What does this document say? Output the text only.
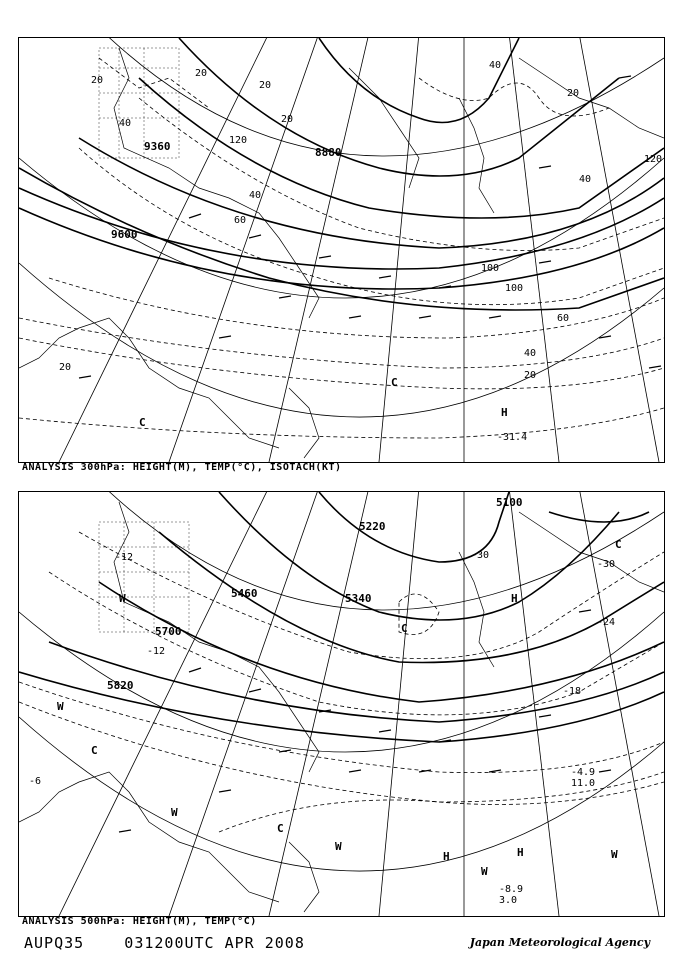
9360
9600
8880
20
20
40
20
40
40
40
60
100
100
60
40
20
20
120
120
20
20
C
C
H
-31.4
ANALYSIS 300hPa: HEIGHT(M), TEMP(°C), ISOTACH(KT)
5100
5220
5340
5460
5700
5820
-12
-12
-30
-30
-24
-18
-6
W
W
C
W
C
C
W
H
W
H	W
C
H
-8.9
3.0
-4.9
11.0
ANALYSIS 500hPa: HEIGHT(M), TEMP(°C)
AUPQ35    031200UTC APR 2008	Japan Meteorological Agency
